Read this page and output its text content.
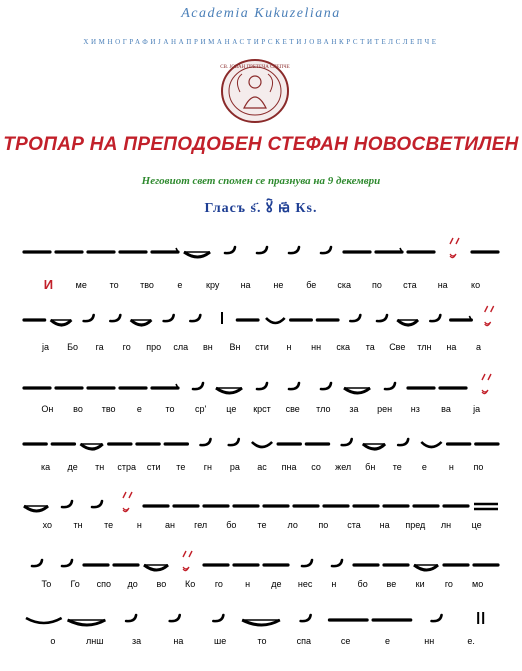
Academia Kukuzeliana
ХИМНОГРАФИЈАНАПРИМАНАСТИРСКЕТИЈОВАНКРСТИТЕЛСЛЕПЧЕ
СВ. ЈОВАН ПРЕТЕЧА СЛЕПЧЕ
ТРОПАР НА ПРЕПОДОБЕН СТЕФАН НОВОСВЕТИЛЕН
Неговиот свет спомен се празнува на 9 декември
Гласъ ѕ҃. ꙋ҇ ꙗ҃ Кѕ.
И	ме	то тво	е	кру на	не	бе ска по ста на	ко
ја Бо га го про сла вн Вн сти н нн ска та Све тлн на а
Он во тво е	то ср' це крст све тло за рен нз ва ја
ка де тн стра сти те гн ра ас пна со жел бн те е н по
хо тн те	н	ан гел бо те ло по ста на пред лн це
То Го спо до во Ко го н де нес н бо ве ки го мо
о	лнш	за	на	ше	то	спа	се	е	нн	е.
